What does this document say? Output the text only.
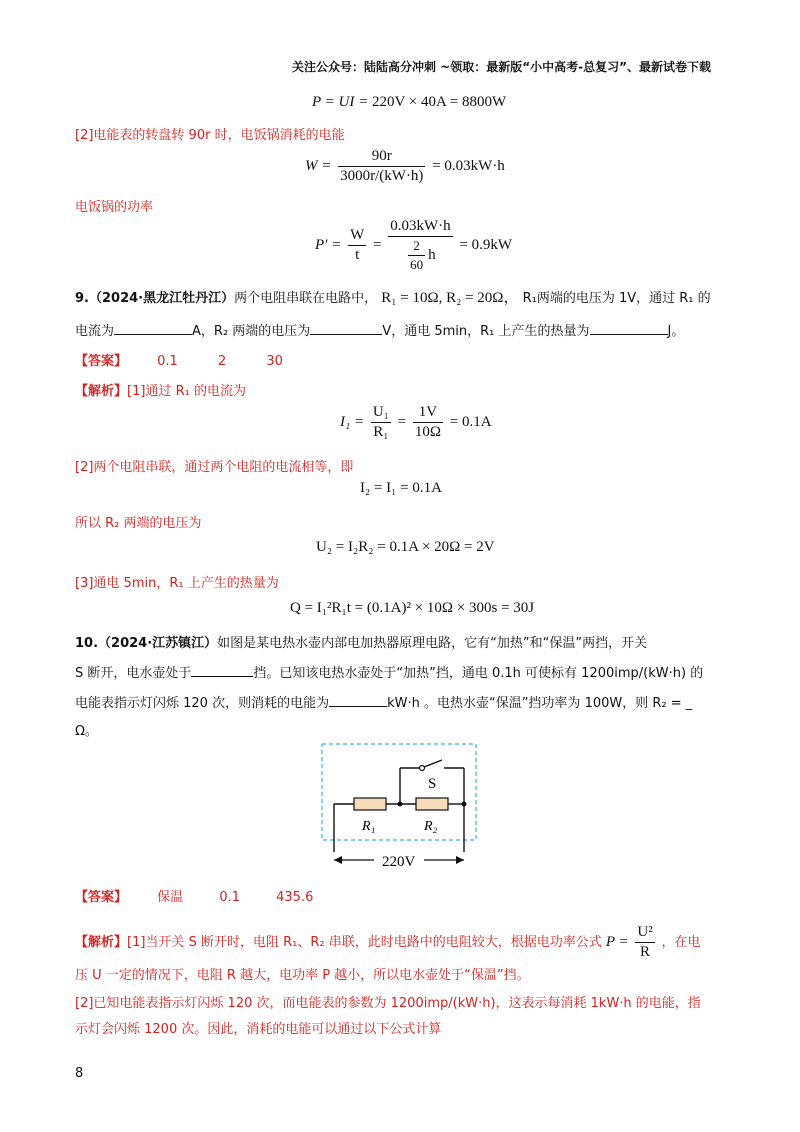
关注公众号：陆陆高分冲刺 ~领取：最新版“小中高考-总复习”、最新试卷下载
P = UI = 220V × 40A = 8800W
[2]电能表的转盘转 90r 时，电饭锅消耗的电能
$W = \frac{90r}{3000r/(kW\cdot h)} = 0.03kW\cdot h$
电饭锅的功率
$P' = \frac{W}{t} = \frac{0.03kW\cdot h}{\frac{2}{60} h} = 0.9kW$
9.（2024·黑龙江牡丹江）两个电阻串联在电路中， R₁ = 10Ω, R₂ = 20Ω， R₁两端的电压为 1V，通过 R₁ 的
电流为	A，R₂ 两端的电压为	V，通电 5min，R₁ 上产生的热量为	J。
【答案】 0.1	2	30
【解析】[1]通过 R₁ 的电流为
$I_1 = \frac{\text{U₁}}{\text{R₁}} = \frac{1V}{10\Omega} = 0.1A$
[2]两个电阻串联，通过两个电阻的电流相等，即
I₂ = I₁ = 0.1A
所以 R₂ 两端的电压为
U₂ = I₂R₂ = 0.1A × 20Ω = 2V
[3]通电 5min，R₁ 上产生的热量为
Q = I₁²R₁t = (0.1A)² × 10Ω × 300s = 30J
10.（2024·江苏镇江）如图是某电热水壶内部电加热器原理电路，它有“加热”和“保温”两挡，开关
S 断开，电水壶处于	挡。已知该电热水壶处于“加热”挡，通电 0.1h 可使标有 1200imp/(kW·h) 的
电能表指示灯闪烁 120 次，则消耗的电能为	kW·h 。电热水壶“保温”挡功率为 100W，则 R₂ = _
Ω。
S
R₁	R₂
220V
【答案】 保温	0.1	435.6
【解析】[1]当开关 S 断开时，电阻 R₁、R₂ 串联，此时电路中的电阻较大，根据电功率公式 $P = \frac{\text{U²}}{R}$ ，在电
压 U 一定的情况下，电阻 R 越大，电功率 P 越小，所以电水壶处于“保温”挡。
[2]已知电能表指示灯闪烁 120 次，而电能表的参数为 1200imp/(kW·h)，这表示每消耗 1kW·h 的电能，指
示灯会闪烁 1200 次。因此，消耗的电能可以通过以下公式计算
8
